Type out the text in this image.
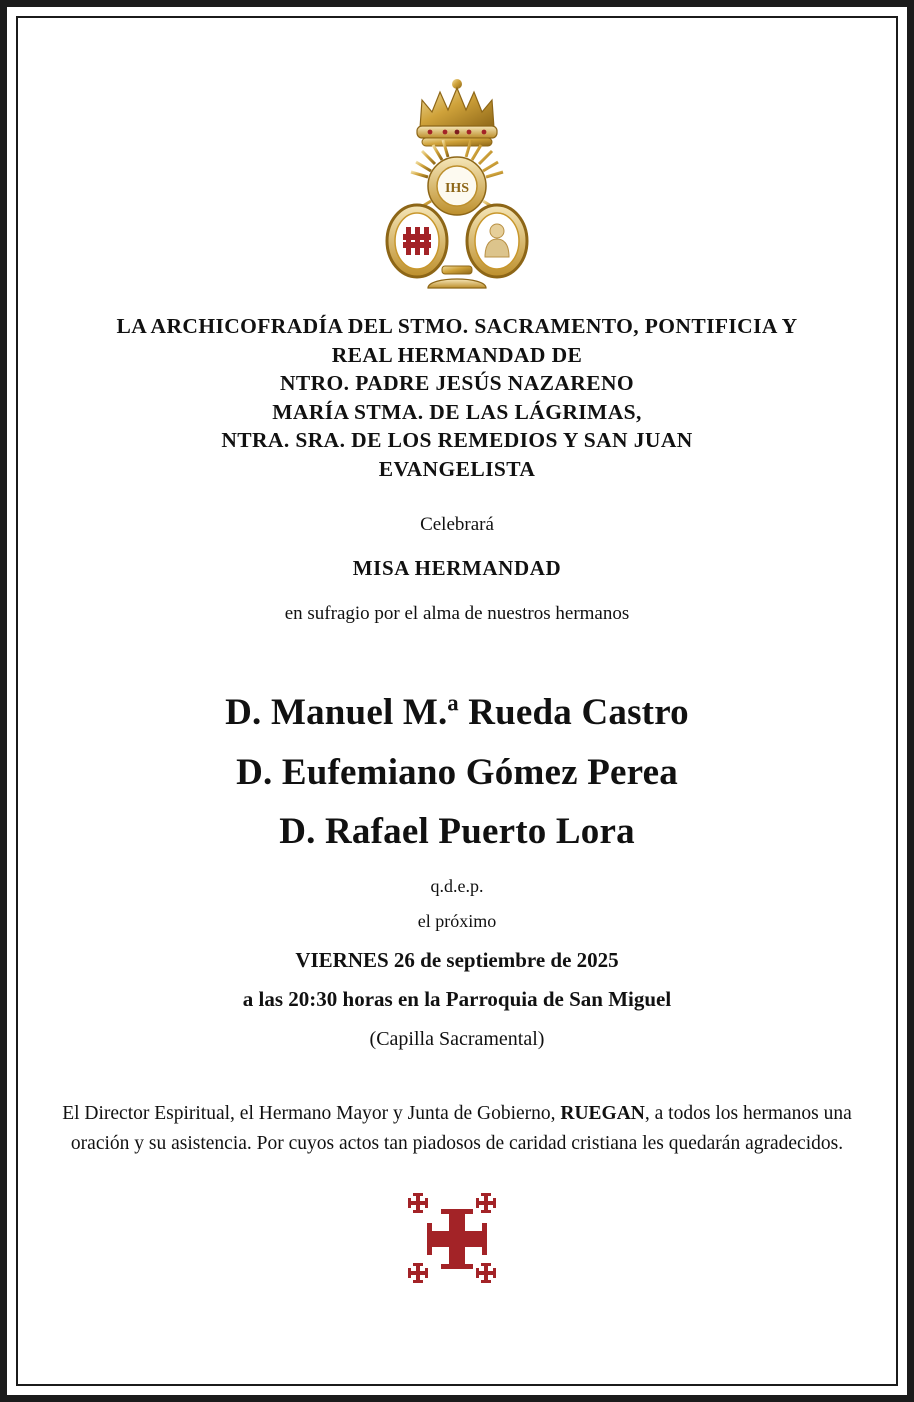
IHS
LA ARCHICOFRADÍA DEL STMO. SACRAMENTO, PONTIFICIA Y
REAL HERMANDAD DE
NTRO. PADRE JESÚS NAZARENO
MARÍA STMA. DE LAS LÁGRIMAS,
NTRA. SRA. DE LOS REMEDIOS Y SAN JUAN
EVANGELISTA
Celebrará
MISA HERMANDAD
en sufragio por el alma de nuestros hermanos
D. Manuel M.ª Rueda Castro
D. Eufemiano Gómez Perea
D. Rafael Puerto Lora
q.d.e.p.
el próximo
VIERNES 26 de septiembre de 2025
a las 20:30 horas en la Parroquia de San Miguel
(Capilla Sacramental)
El Director Espiritual, el Hermano Mayor y Junta de Gobierno, RUEGAN, a todos los hermanos una oración y su asistencia. Por cuyos actos tan piadosos de caridad cristiana les quedarán agradecidos.
